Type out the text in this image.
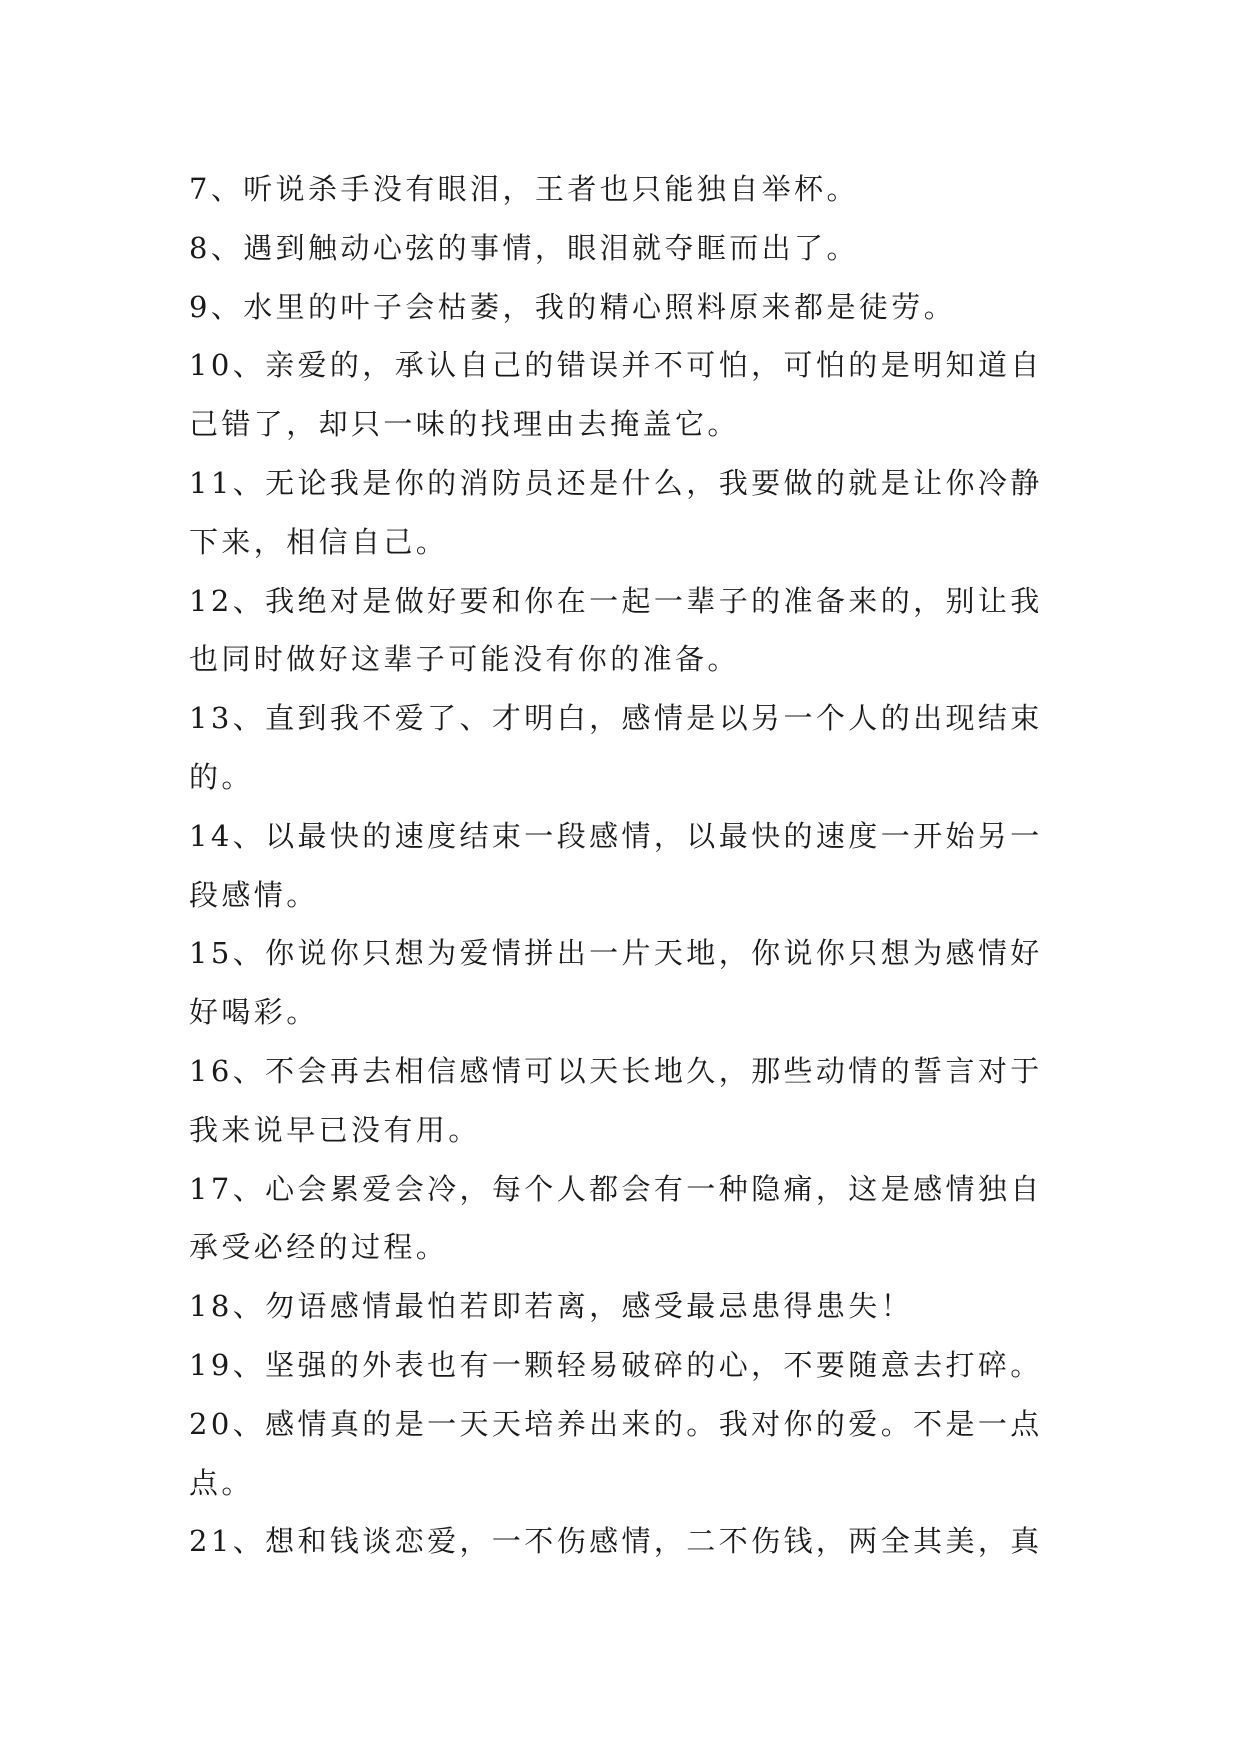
7、听说杀手没有眼泪，王者也只能独自举杯。
8、遇到触动心弦的事情，眼泪就夺眶而出了。
9、水里的叶子会枯萎，我的精心照料原来都是徒劳。
10、亲爱的，承认自己的错误并不可怕，可怕的是明知道自
己错了，却只一味的找理由去掩盖它。
11、无论我是你的消防员还是什么，我要做的就是让你冷静
下来，相信自己。
12、我绝对是做好要和你在一起一辈子的准备来的，别让我
也同时做好这辈子可能没有你的准备。
13、直到我不爱了、才明白，感情是以另一个人的出现结束
的。
14、以最快的速度结束一段感情，以最快的速度一开始另一
段感情。
15、你说你只想为爱情拼出一片天地，你说你只想为感情好
好喝彩。
16、不会再去相信感情可以天长地久，那些动情的誓言对于
我来说早已没有用。
17、心会累爱会冷，每个人都会有一种隐痛，这是感情独自
承受必经的过程。
18、勿语感情最怕若即若离，感受最忌患得患失！
19、坚强的外表也有一颗轻易破碎的心，不要随意去打碎。
20、感情真的是一天天培养出来的。我对你的爱。不是一点
点。
21、想和钱谈恋爱，一不伤感情，二不伤钱，两全其美，真
